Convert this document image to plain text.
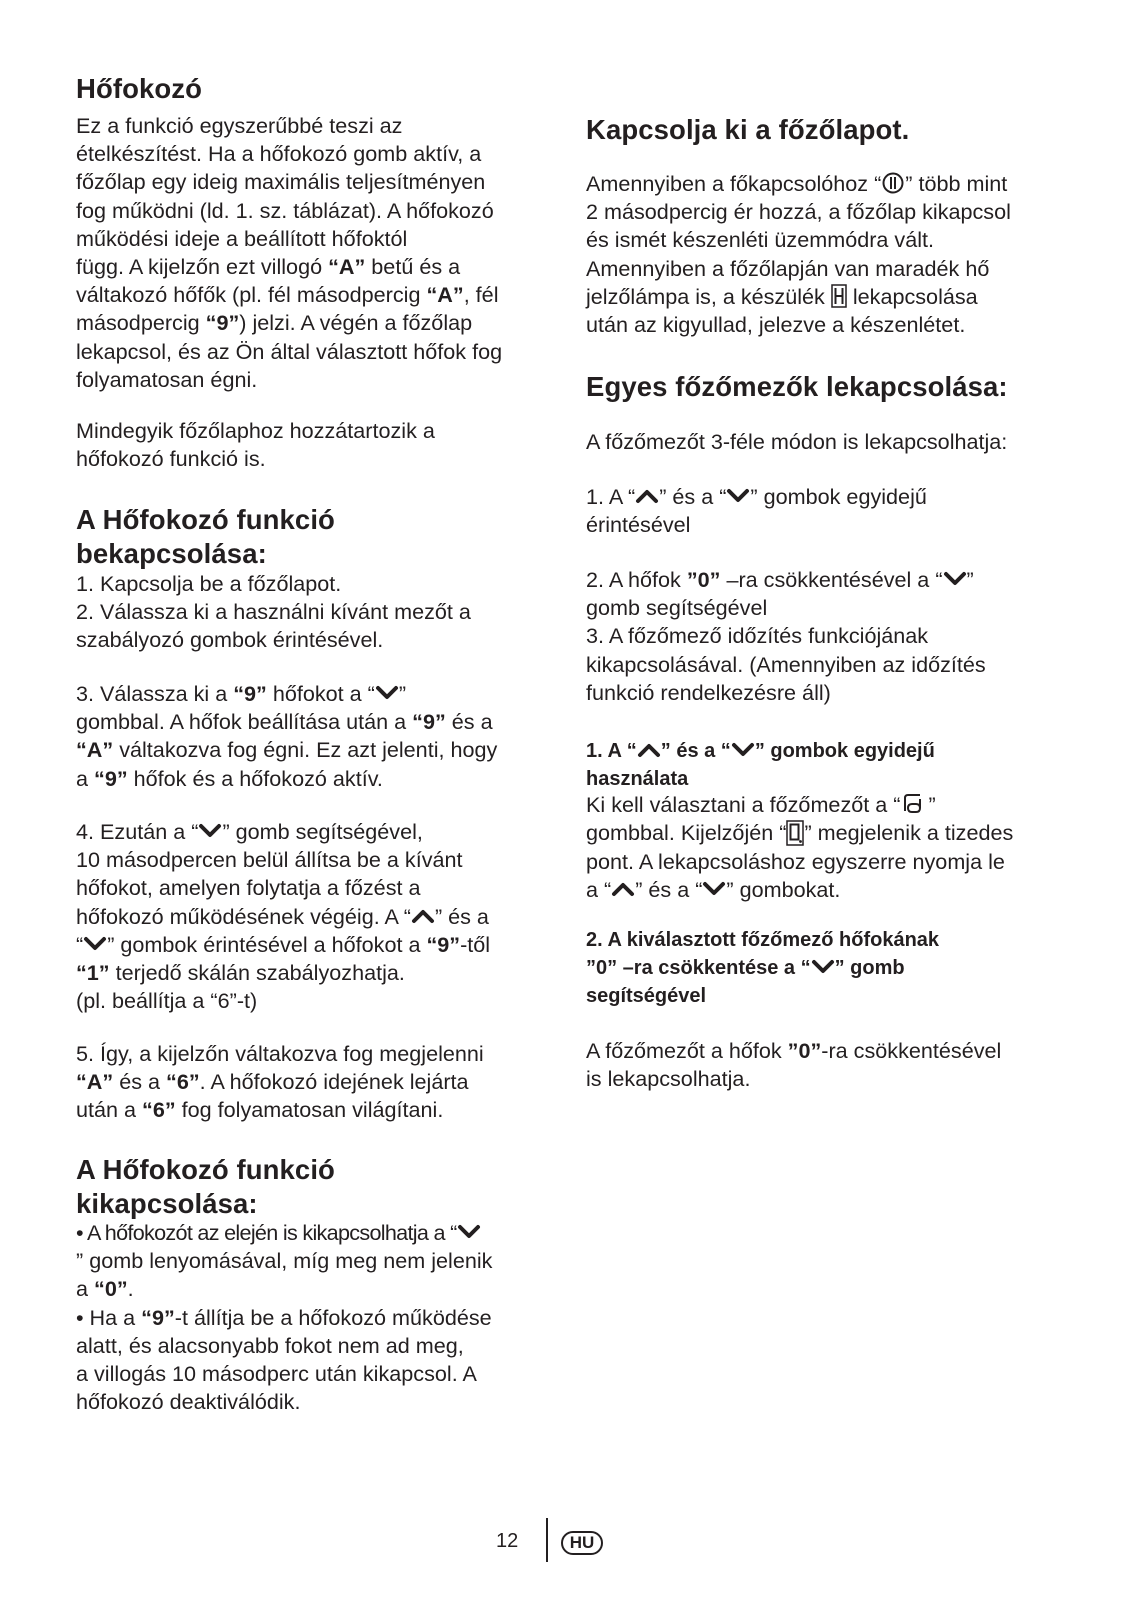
Hőfokozó

Ez a funkció egyszerűbbé teszi az

ételkészítést. Ha a hőfokozó gomb aktív, a

főzőlap egy ideig maximális teljesítményen

fog működni (ld. 1. sz. táblázat). A hőfokozó

működési ideje a beállított hőfoktól

függ. A kijelzőn ezt villogó “A” betű és a

váltakozó hőfők (pl. fél másodpercig “A”, fél

másodpercig “9”) jelzi. A végén a főzőlap

lekapcsol, és az Ön által választott hőfok fog

folyamatosan égni.

Mindegyik főzőlaphoz hozzátartozik a

hőfokozó funkció is.

A Hőfokozó funkció
bekapcsolása:

1. Kapcsolja be a főzőlapot.

2. Válassza ki a használni kívánt mezőt a

szabályozó gombok érintésével.

3. Válassza ki a “9” hőfokot a “ ”

gombbal. A hőfok beállítása után a “9” és a

“A” váltakozva fog égni. Ez azt jelenti, hogy

a “9” hőfok és a hőfokozó aktív.

4. Ezután a “ ” gomb segítségével,

10 másodpercen belül állítsa be a kívánt

hőfokot, amelyen folytatja a főzést a

hőfokozó működésének végéig. A “ ” és a

“ ” gombok érintésével a hőfokot a “9”-től

“1” terjedő skálán szabályozhatja.

(pl. beállítja a “6”-t)

5. Így, a kijelzőn váltakozva fog megjelenni

“A” és a “6”. A hőfokozó idejének lejárta

után a “6” fog folyamatosan világítani.

A Hőfokozó funkció
kikapcsolása:

• A hőfokozót az elején is kikapcsolhatja a “

” gomb lenyomásával, míg meg nem jelenik

a “0”.

• Ha a “9”-t állítja be a hőfokozó működése

alatt, és alacsonyabb fokot nem ad meg,

a villogás 10 másodperc után kikapcsol. A

hőfokozó deaktiválódik.

Kapcsolja ki a főzőlapot.

Amennyiben a főkapcsolóhoz “ ” több mint

2 másodpercig ér hozzá, a főzőlap kikapcsol

és ismét készenléti üzemmódra vált.

Amennyiben a főzőlapján van maradék hő

jelzőlámpa is, a készülék  lekapcsolása

után az kigyullad, jelezve a készenlétet.

Egyes főzőmezők lekapcsolása:

A főzőmezőt 3-féle módon is lekapcsolhatja:

1. A “ ” és a “ ” gombok egyidejű

érintésével

2. A hőfok ”0” –ra csökkentésével a “ ”

gomb segítségével

3. A főzőmező időzítés funkciójának

kikapcsolásával. (Amennyiben az időzítés

funkció rendelkezésre áll)

1. A “ ” és a “ ” gombok egyidejű
használata

Ki kell választani a főzőmezőt a “ ”

gombbal. Kijelzőjén “ ” megjelenik a tizedes

pont. A lekapcsoláshoz egyszerre nyomja le

a “ ” és a “ ” gombokat.

2. A kiválasztott főzőmező hőfokának
”0” –ra csökkentése a “ ” gomb
segítségével

A főzőmezőt a hőfok ”0”-ra csökkentésével

is lekapcsolhatja.

12	HU
